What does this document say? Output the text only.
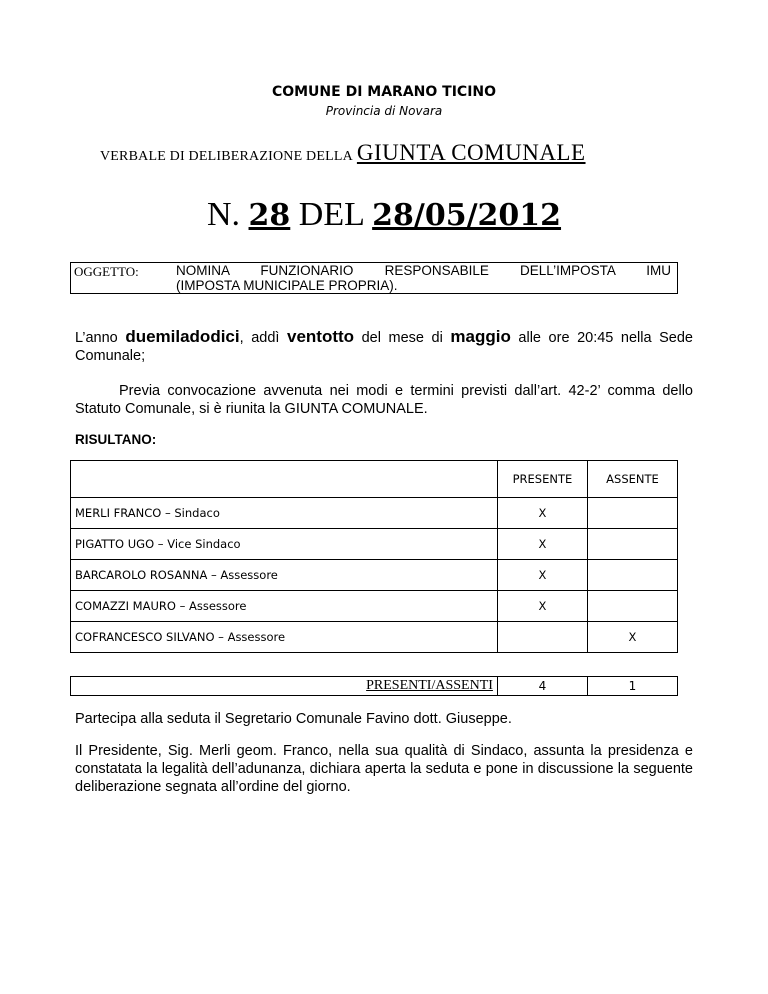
COMUNE DI MARANO TICINO
Provincia di Novara
VERBALE DI DELIBERAZIONE DELLA GIUNTA COMUNALE
N. 28 DEL 28/05/2012
OGGETTO:	NOMINA FUNZIONARIO RESPONSABILE DELL’IMPOSTA IMU
(IMPOSTA MUNICIPALE PROPRIA).
L’anno duemiladodici, addì ventotto del mese di maggio alle ore 20:45 nella Sede Comunale;
Previa convocazione avvenuta nei modi e termini previsti dall’art. 42-2’ comma dello Statuto Comunale, si è riunita la GIUNTA COMUNALE.
RISULTANO:
	PRESENTE	ASSENTE
MERLI FRANCO – Sindaco	X	
PIGATTO UGO – Vice Sindaco	X	
BARCAROLO ROSANNA – Assessore	X	
COMAZZI MAURO – Assessore	X	
COFRANCESCO SILVANO – Assessore		X
PRESENTI/ASSENTI	4	1
Partecipa alla seduta il Segretario Comunale Favino dott. Giuseppe.
Il Presidente, Sig. Merli geom. Franco, nella sua qualità di Sindaco, assunta la presidenza e constatata la legalità dell’adunanza, dichiara aperta la seduta e pone in discussione la seguente deliberazione segnata all’ordine del giorno.
